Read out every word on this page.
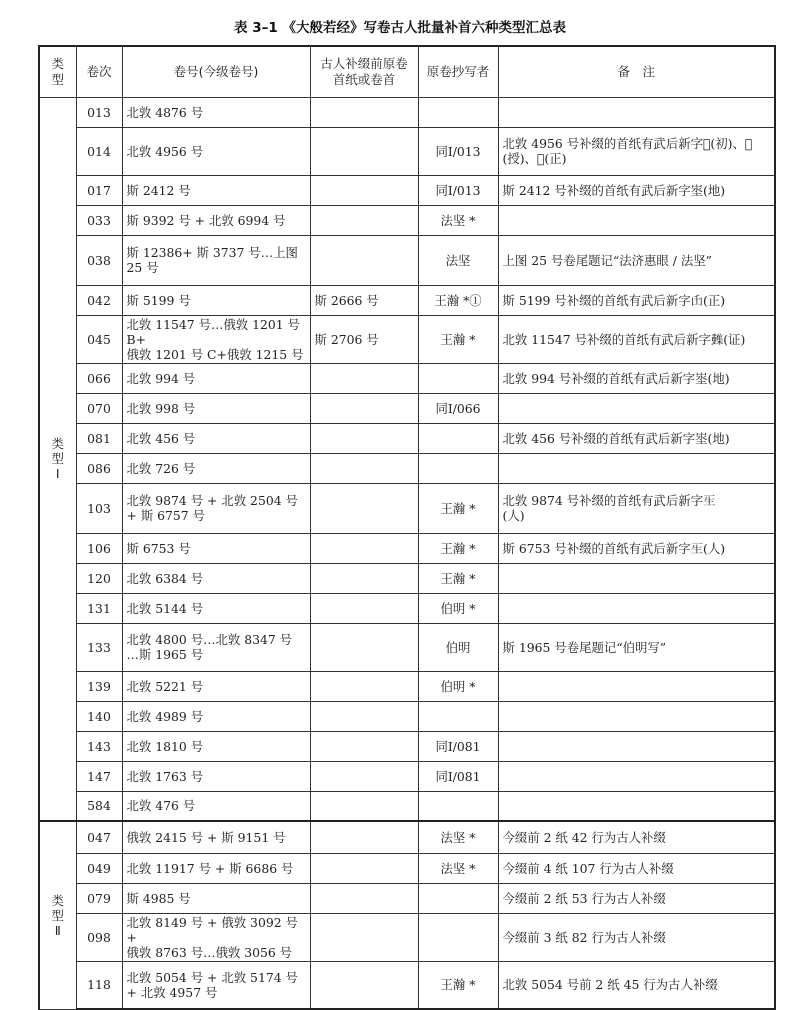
表 3–1 《大般若经》写卷古人批量补首六种类型汇总表
类
型	卷次	卷号(今级卷号)	古人补缀前原卷
首纸或卷首	原卷抄写者	备　注
类
型
Ⅰ	013	北敦 4876 号			
	014	北敦 4956 号		同Ⅰ/013	北敦 4956 号补缀的首纸有武后新字𠀑(初)、𥠢(授)、𠙺(正)
	017	斯 2412 号		同Ⅰ/013	斯 2412 号补缀的首纸有武后新字埊(地)
	033	斯 9392 号 + 北敦 6994 号		法坚 *	
	038	斯 12386+ 斯 3737 号…上图
25 号		法坚	上图 25 号卷尾题记“法济惠眼 / 法坚”
	042	斯 5199 号	斯 2666 号	王瀚 *①	斯 5199 号补缀的首纸有武后新字𠙺(正)
	045	北敦 11547 号…俄敦 1201 号 B+
俄敦 1201 号 C+俄敦 1215 号	斯 2706 号	王瀚 *	北敦 11547 号补缀的首纸有武后新字𨤹(证)
	066	北敦 994 号			北敦 994 号补缀的首纸有武后新字埊(地)
	070	北敦 998 号		同Ⅰ/066	
	081	北敦 456 号			北敦 456 号补缀的首纸有武后新字埊(地)
	086	北敦 726 号			
	103	北敦 9874 号 + 北敦 2504 号
+ 斯 6757 号		王瀚 *	北敦 9874 号补缀的首纸有武后新字𤯔
(人)
	106	斯 6753 号		王瀚 *	斯 6753 号补缀的首纸有武后新字𤯔(人)
	120	北敦 6384 号		王瀚 *	
	131	北敦 5144 号		伯明 *	
	133	北敦 4800 号…北敦 8347 号
…斯 1965 号		伯明	斯 1965 号卷尾题记“伯明写”
	139	北敦 5221 号		伯明 *	
	140	北敦 4989 号			
	143	北敦 1810 号		同Ⅰ/081	
	147	北敦 1763 号		同Ⅰ/081	
	584	北敦 476 号			
类
型
Ⅱ	047	俄敦 2415 号 + 斯 9151 号		法坚 *	今缀前 2 纸 42 行为古人补缀
	049	北敦 11917 号 + 斯 6686 号		法坚 *	今缀前 4 纸 107 行为古人补缀
	079	斯 4985 号			今缀前 2 纸 53 行为古人补缀
	098	北敦 8149 号 + 俄敦 3092 号 +
俄敦 8763 号…俄敦 3056 号			今缀前 3 纸 82 行为古人补缀
	118	北敦 5054 号 + 北敦 5174 号
+ 北敦 4957 号		王瀚 *	北敦 5054 号前 2 纸 45 行为古人补缀
